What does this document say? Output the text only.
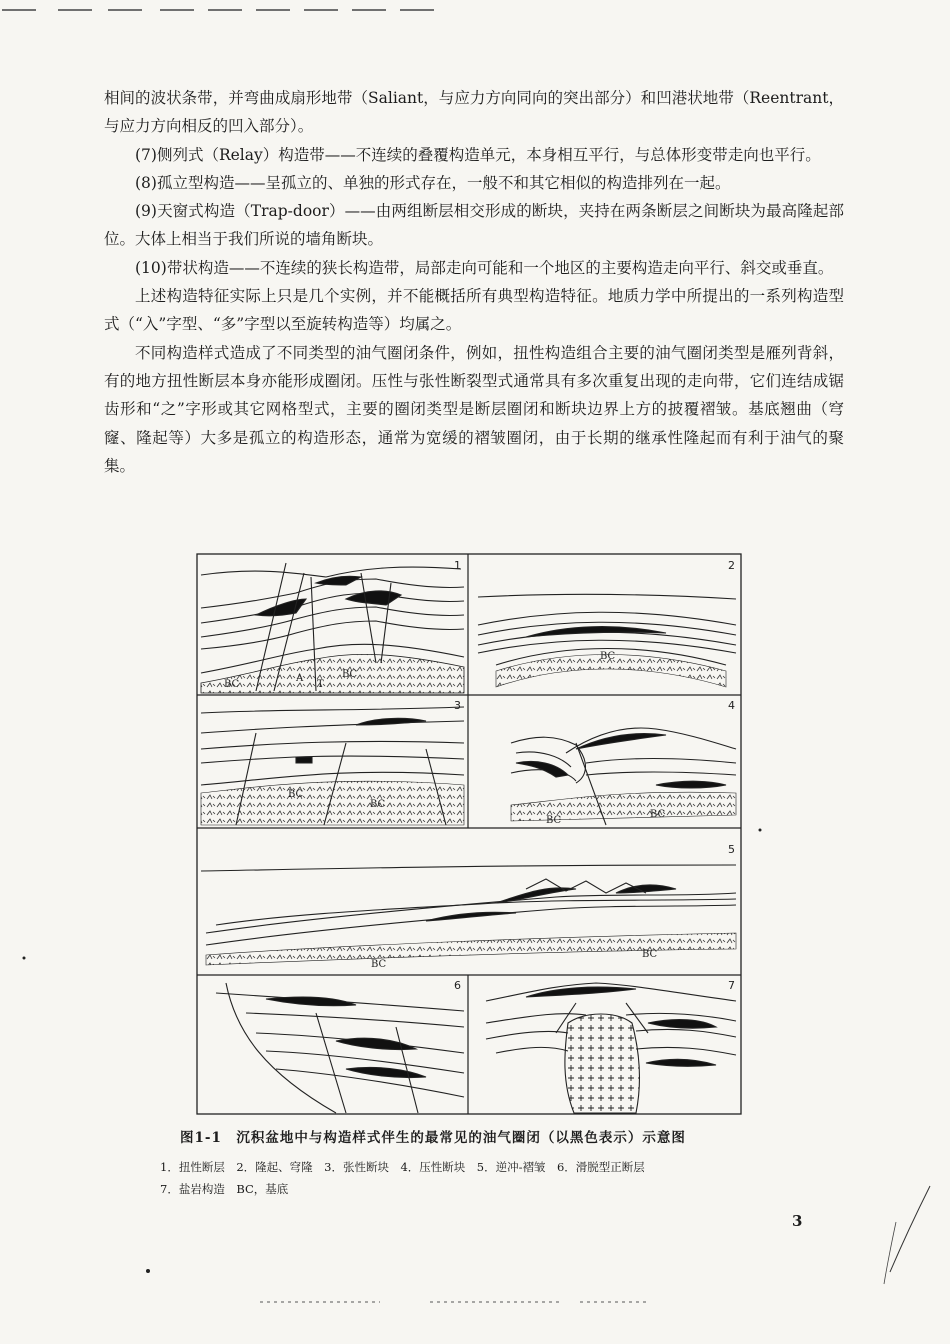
相间的波状条带，并弯曲成扇形地带（Saliant，与应力方向同向的突出部分）和凹港状地带（Reentrant，与应力方向相反的凹入部分）。

(7)侧列式（Relay）构造带——不连续的叠覆构造单元，本身相互平行，与总体形变带走向也平行。

(8)孤立型构造——呈孤立的、单独的形式存在，一般不和其它相似的构造排列在一起。

(9)天窗式构造（Trap-door）——由两组断层相交形成的断块，夹持在两条断层之间断块为最高隆起部位。大体上相当于我们所说的墙角断块。

(10)带状构造——不连续的狭长构造带，局部走向可能和一个地区的主要构造走向平行、斜交或垂直。

上述构造特征实际上只是几个实例，并不能概括所有典型构造特征。地质力学中所提出的一系列构造型式（“入”字型、“多”字型以至旋转构造等）均属之。

不同构造样式造成了不同类型的油气圈闭条件，例如，扭性构造组合主要的油气圈闭类型是雁列背斜，有的地方扭性断层本身亦能形成圈闭。压性与张性断裂型式通常具有多次重复出现的走向带，它们连结成锯齿形和“之”字形或其它网格型式，主要的圈闭类型是断层圈闭和断块边界上方的披覆褶皱。基底翘曲（穹窿、隆起等）大多是孤立的构造形态，通常为宽缓的褶皱圈闭，由于长期的继承性隆起而有利于油气的聚集。

1
BC
A
T
BC
2
BC
3
BC
BC
4
BC
BC
5
BC
BC
6	7
图1-1　沉积盆地中与构造样式伴生的最常见的油气圈闭（以黑色表示）示意图
1．扭性断层　2．隆起、穹隆　3．张性断块　4．压性断块　5．逆冲-褶皱　6．滑脱型正断层
7．盐岩构造　BC，基底
3
